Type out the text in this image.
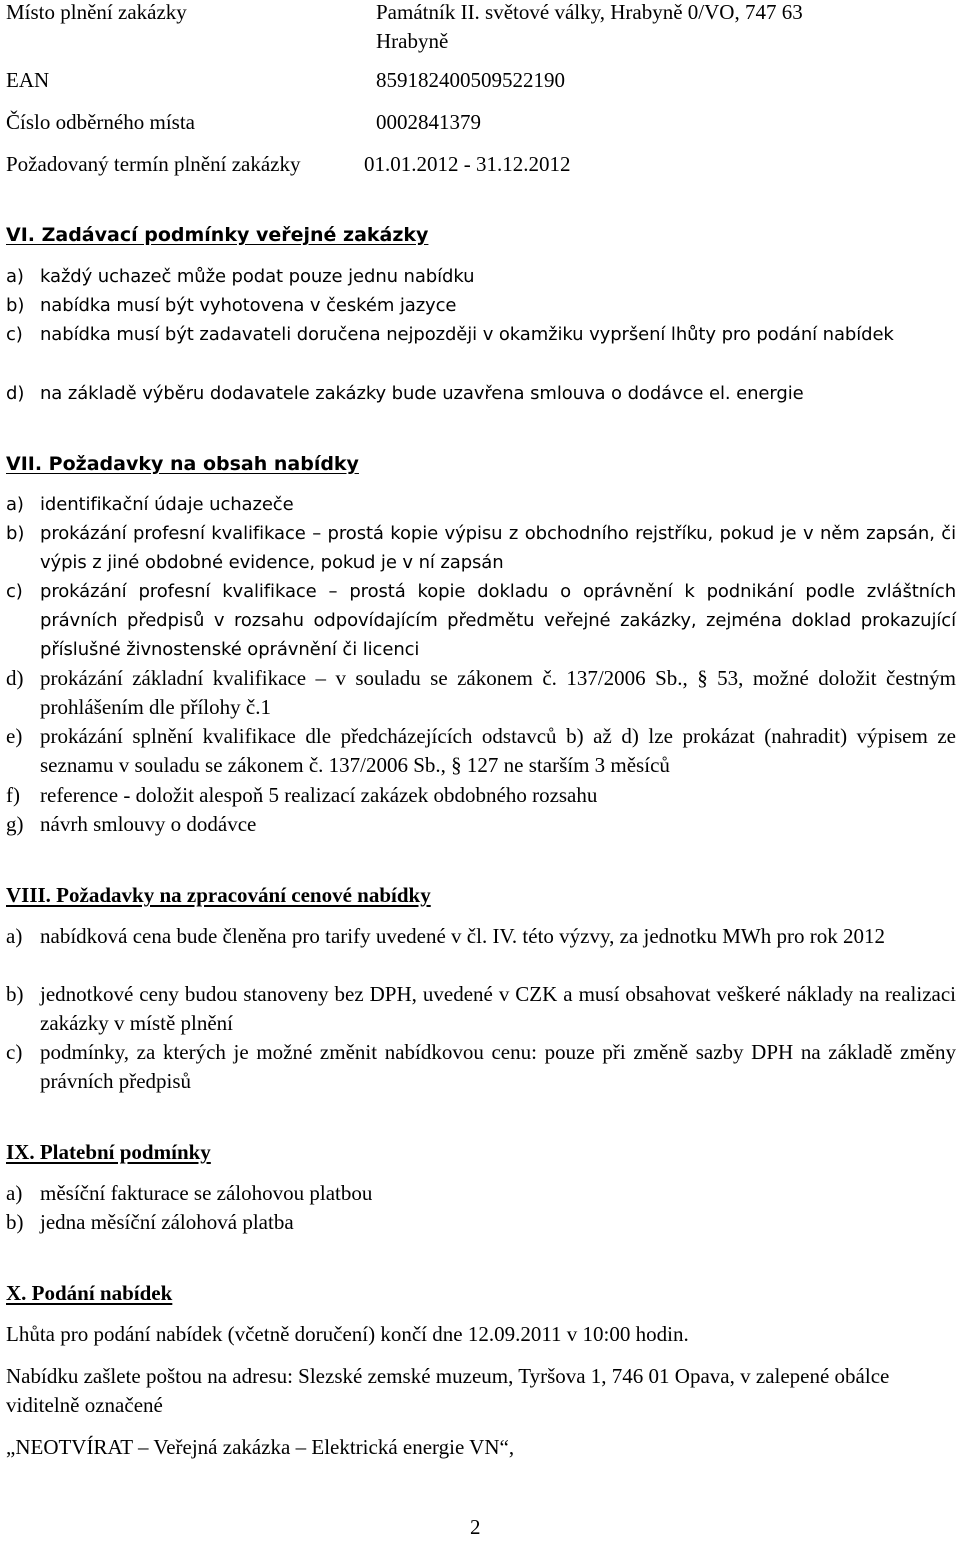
Místo plnění zakázky	Památník II. světové války, Hrabyně 0/VO, 747 63 Hrabyně
EAN	859182400509522190
Číslo odběrného místa	0002841379
Požadovaný termín plnění zakázky	01.01.2012 - 31.12.2012
VI. Zadávací podmínky veřejné zakázky
a) každý uchazeč může podat pouze jednu nabídku
b) nabídka musí být vyhotovena v českém jazyce
c) nabídka musí být zadavateli doručena nejpozději v okamžiku vypršení lhůty pro podání nabídek
d) na základě výběru dodavatele zakázky bude uzavřena smlouva o dodávce el. energie
VII. Požadavky na obsah nabídky
a) identifikační údaje uchazeče
b) prokázání profesní kvalifikace – prostá kopie výpisu z obchodního rejstříku, pokud je v něm zapsán, či výpis z jiné obdobné evidence, pokud je v ní zapsán
c) prokázání profesní kvalifikace – prostá kopie dokladu o oprávnění k podnikání podle zvláštních právních předpisů v rozsahu odpovídajícím předmětu veřejné zakázky, zejména doklad prokazující příslušné živnostenské oprávnění či licenci
d) prokázání základní kvalifikace – v souladu se zákonem č. 137/2006 Sb., § 53, možné doložit čestným prohlášením dle přílohy č.1
e) prokázání splnění kvalifikace dle předcházejících odstavců b) až d) lze prokázat (nahradit) výpisem ze seznamu v souladu se zákonem č. 137/2006 Sb., § 127 ne starším 3 měsíců
f) reference - doložit alespoň 5 realizací zakázek obdobného rozsahu
g) návrh smlouvy o dodávce
VIII. Požadavky na zpracování cenové nabídky
a) nabídková cena bude členěna pro tarify uvedené v čl. IV. této výzvy, za jednotku MWh pro rok 2012
b) jednotkové ceny budou stanoveny bez DPH, uvedené v CZK a musí obsahovat veškeré náklady na realizaci zakázky v místě plnění
c) podmínky, za kterých je možné změnit nabídkovou cenu: pouze při změně sazby DPH na základě změny právních předpisů
IX. Platební podmínky
a) měsíční fakturace se zálohovou platbou
b) jedna měsíční zálohová platba
X. Podání nabídek
Lhůta pro podání nabídek (včetně doručení) končí dne 12.09.2011 v 10:00 hodin.
Nabídku zašlete poštou na adresu: Slezské zemské muzeum, Tyršova 1, 746 01 Opava, v zalepené obálce viditelně označené
„NEOTVÍRAT – Veřejná zakázka – Elektrická energie VN“,
2
